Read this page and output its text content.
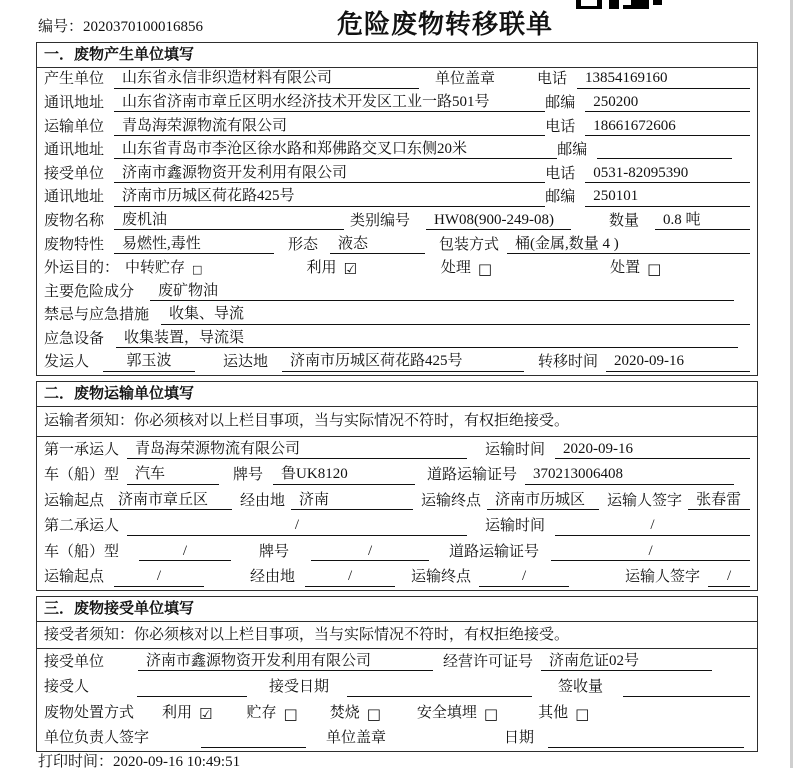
编号：2020370100016856	危险废物转移联单
一．废物产生单位填写
产生单位	山东省永信非织造材料有限公司	单位盖章	电话	13854169160
通讯地址	山东省济南市章丘区明水经济技术开发区工业一路501号	邮编	250200
运输单位	青岛海荣源物流有限公司	电话	18661672606
通讯地址	山东省青岛市李沧区徐水路和郑佛路交叉口东侧20米	邮编
接受单位	济南市鑫源物资开发利用有限公司	电话	0531-82095390
通讯地址	济南市历城区荷花路425号	邮编	250101
废物名称	废机油	类别编号	HW08(900-249-08)	数量	0.8 吨
废物特性	易燃性,毒性	形态	液态	包装方式	桶(金属,数量 4 )
外运目的： 中转贮存 □	利用 ☑	处理 □	处置 □
主要危险成分	废矿物油
禁忌与应急措施	收集、导流
应急设备	收集装置，导流渠
发运人	郭玉波	运达地	济南市历城区荷花路425号	转移时间	2020-09-16
二．废物运输单位填写
运输者须知：你必须核对以上栏目事项，当与实际情况不符时，有权拒绝接受。
第一承运人	青岛海荣源物流有限公司	运输时间	2020-09-16
车（船）型	汽车	牌号	鲁UK8120	道路运输证号	370213006408
运输起点 济南市章丘区	经由地 济南	运输终点 济南市历城区	运输人签字 张春雷
第二承运人	/	运输时间	/
车（船）型	/	牌号	/	道路运输证号	/
运输起点	/	经由地	/	运输终点	/	运输人签字	/
三．废物接受单位填写
接受者须知：你必须核对以上栏目事项，当与实际情况不符时，有权拒绝接受。
接受单位	济南市鑫源物资开发利用有限公司	经营许可证号	济南危证02号
接受人	接受日期	签收量
废物处置方式 利用 ☑ 贮存 □ 焚烧 □ 安全填埋 □	其他 □
单位负责人签字	单位盖章	日期
打印时间：2020-09-16 10:49:51
